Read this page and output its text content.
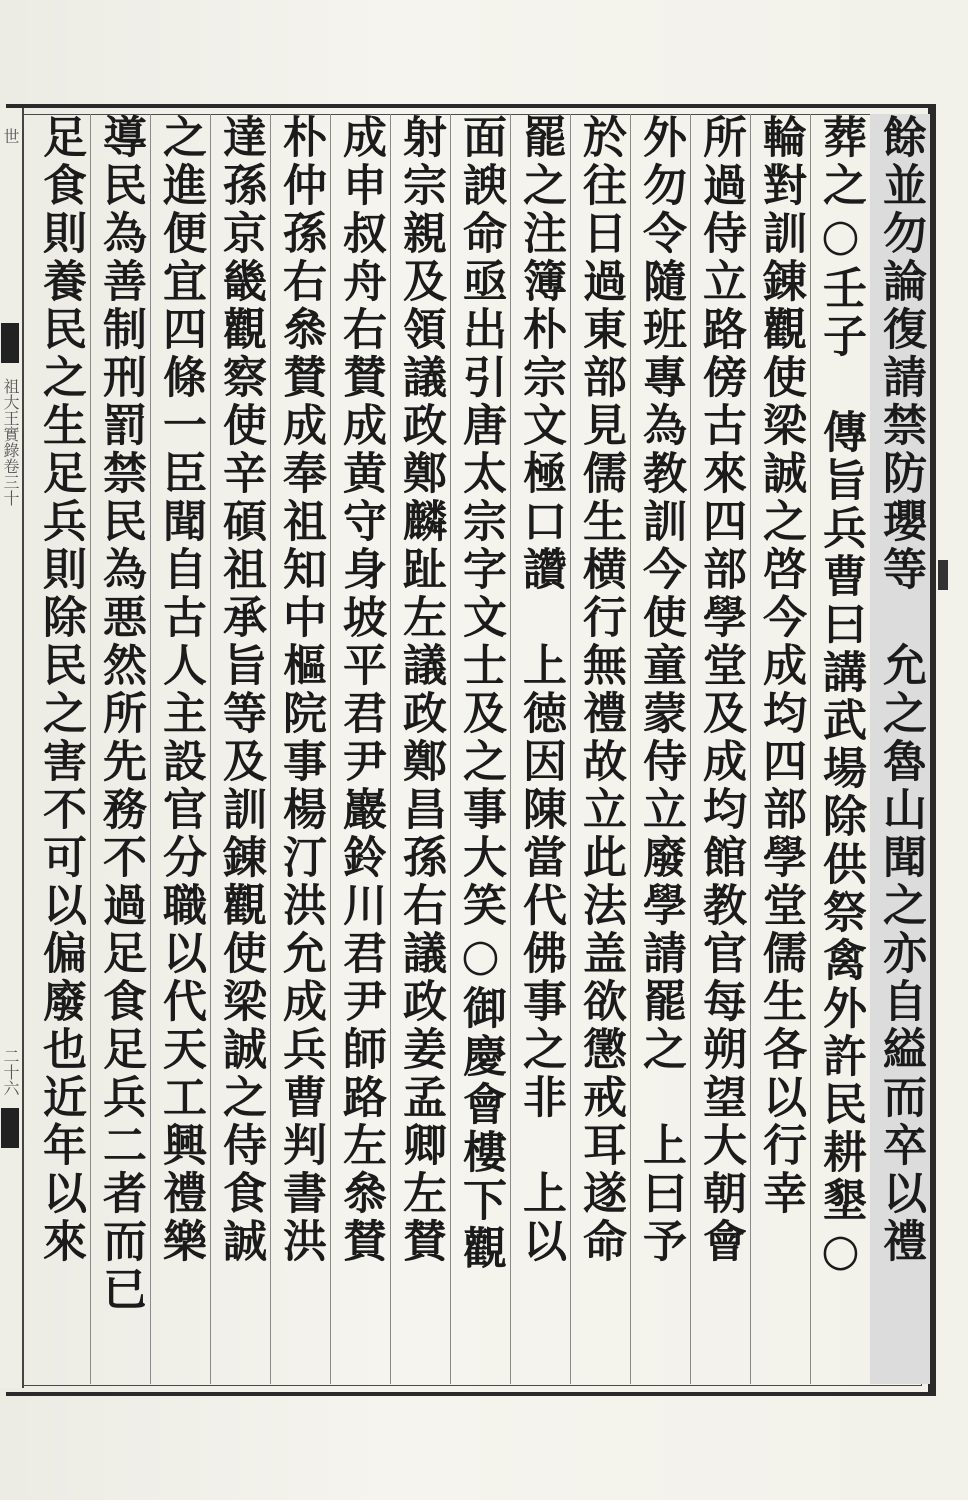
世
祖大王實錄卷三十
二十六	餘並勿論復請禁防瓔等　允之魯山聞之亦自縊而卒以禮
葬之○壬子　傳旨兵曹曰講武場除供祭禽外許民耕墾○
輪對訓錬觀使梁誠之啓今成均四部學堂儒生各以行幸
所過侍立路傍古來四部學堂及成均館教官每朔望大朝會
外勿令隨班專為教訓今使童蒙侍立廢學請罷之　上曰予
於往日過東部見儒生横行無禮故立此法盖欲懲戒耳遂命
罷之注簿朴宗文極口讚　上徳因陳當代佛事之非　上以
面諛命亟出引唐太宗字文士及之事大笑○御慶會樓下觀
射宗親及領議政鄭麟趾左議政鄭昌孫右議政姜孟卿左賛
成申叔舟右賛成黄守身坡平君尹巖鈴川君尹師路左叅賛
朴仲孫右叅賛成奉祖知中樞院事楊汀洪允成兵曹判書洪
達孫京畿觀察使辛碩祖承旨等及訓錬觀使梁誠之侍食誠
之進便宜四條一臣聞自古人主設官分職以代天工興禮樂
導民為善制刑罰禁民為悪然所先務不過足食足兵二者而已
足食則養民之生足兵則除民之害不可以偏廢也近年以來
